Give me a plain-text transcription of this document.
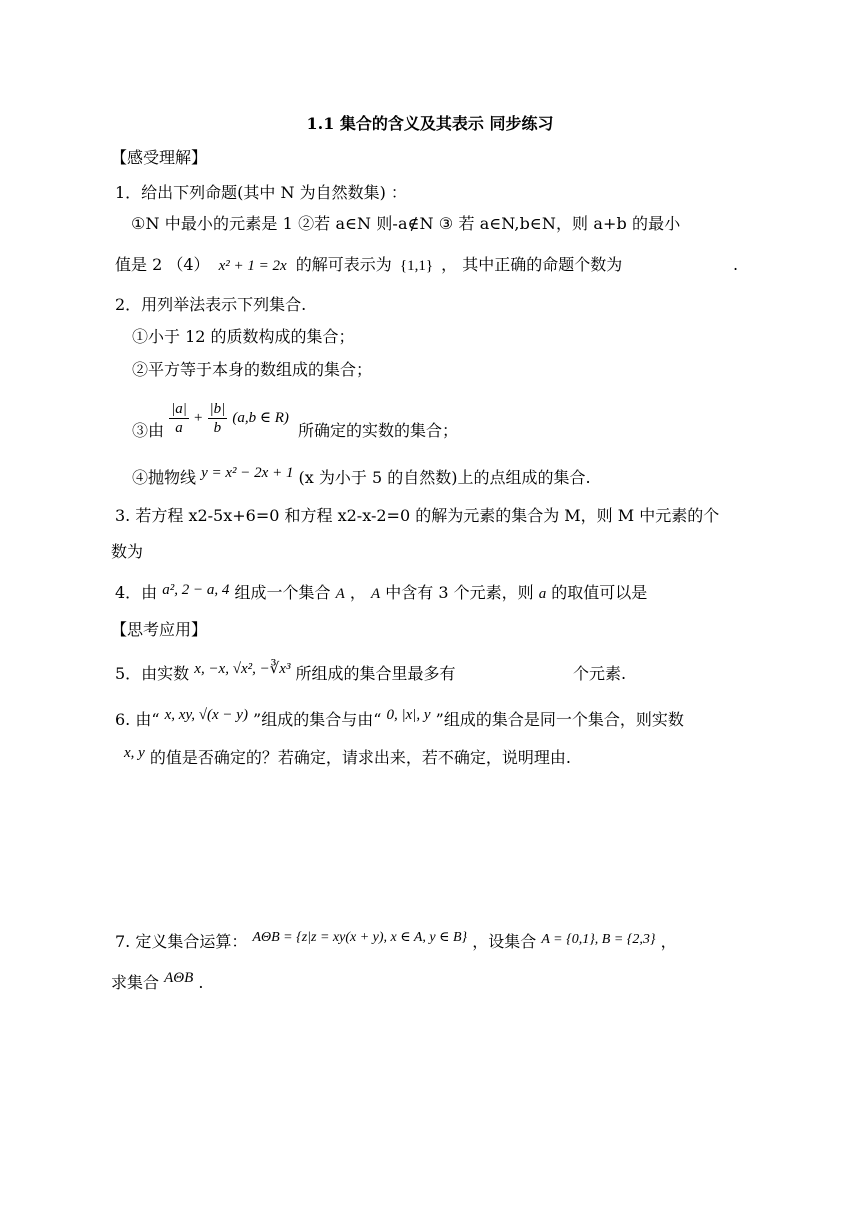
1.1 集合的含义及其表示 同步练习
【感受理解】
1．给出下列命题(其中 N 为自然数集) ：
①N 中最小的元素是 1 ②若 a∈N 则-a∉N ③ 若 a∈N,b∈N，则 a+b 的最小
值是 2 （4） x² + 1 = 2x 的解可表示为 {1,1} ， 其中正确的命题个数为	.
2．用列举法表示下列集合.
①小于 12 的质数构成的集合；
②平方等于本身的数组成的集合；
③由 $\frac{|a|}{a} + \frac{|b|}{b} (a,b$ ∈ R) 所确定的实数的集合；
④抛物线 y = x² − 2x + 1 (x 为小于 5 的自然数)上的点组成的集合.
3. 若方程 x2-5x+6=0 和方程 x2-x-2=0 的解为元素的集合为 M，则 M 中元素的个
数为
4．由 a², 2 − a, 4 组成一个集合 A ， A 中含有 3 个元素，则 a 的取值可以是
【思考应用】
5．由实数 x, −x, √x², −∛x³ 所组成的集合里最多有	个元素.
6. 由“ x, xy, √(x − y) ”组成的集合与由“ 0, |x|, y ”组成的集合是同一个集合，则实数
x, y 的值是否确定的？若确定，请求出来，若不确定，说明理由.
7. 定义集合运算： AΘB = {z|z = xy(x + y), x ∈ A, y ∈ B} ，设集合 A = {0,1}, B = {2,3} ，
求集合 AΘB .
